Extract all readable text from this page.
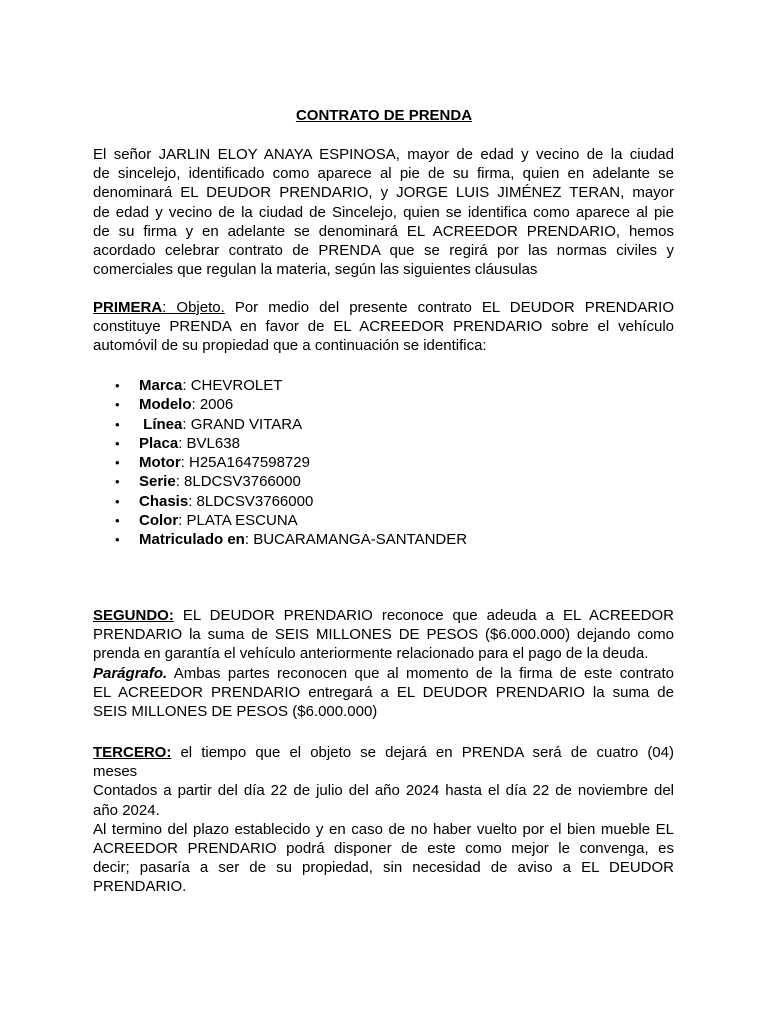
CONTRATO DE PRENDA

El señor JARLIN ELOY ANAYA ESPINOSA, mayor de edad y vecino de la ciudad
de sincelejo, identificado como aparece al pie de su firma, quien en adelante se
denominará EL DEUDOR PRENDARIO, y JORGE LUIS JIMÉNEZ TERAN, mayor
de edad y vecino de la ciudad de Sincelejo, quien se identifica como aparece al pie
de su firma y en adelante se denominará EL ACREEDOR PRENDARIO, hemos
acordado celebrar contrato de PRENDA que se regirá por las normas civiles y
comerciales que regulan la materia, según las siguientes cláusulas
PRIMERA: Objeto. Por medio del presente contrato EL DEUDOR PRENDARIO
constituye PRENDA en favor de EL ACREEDOR PRENDARIO sobre el vehículo
automóvil de su propiedad que a continuación se identifica:
• Marca: CHEVROLET
• Modelo: 2006
• Línea: GRAND VITARA
• Placa: BVL638
• Motor: H25A1647598729
• Serie: 8LDCSV3766000
• Chasis: 8LDCSV3766000
• Color: PLATA ESCUNA
• Matriculado en: BUCARAMANGA-SANTANDER
SEGUNDO: EL DEUDOR PRENDARIO reconoce que adeuda a EL ACREEDOR
PRENDARIO la suma de SEIS MILLONES DE PESOS ($6.000.000) dejando como
prenda en garantía el vehículo anteriormente relacionado para el pago de la deuda.
Parágrafo. Ambas partes reconocen que al momento de la firma de este contrato
EL ACREEDOR PRENDARIO entregará a EL DEUDOR PRENDARIO la suma de
SEIS MILLONES DE PESOS ($6.000.000)
TERCERO: el tiempo que el objeto se dejará en PRENDA será de cuatro (04)
meses
Contados a partir del día 22 de julio del año 2024 hasta el día 22 de noviembre del
año 2024.
Al termino del plazo establecido y en caso de no haber vuelto por el bien mueble EL
ACREEDOR PRENDARIO podrá disponer de este como mejor le convenga, es
decir; pasaría a ser de su propiedad, sin necesidad de aviso a EL DEUDOR
PRENDARIO.
